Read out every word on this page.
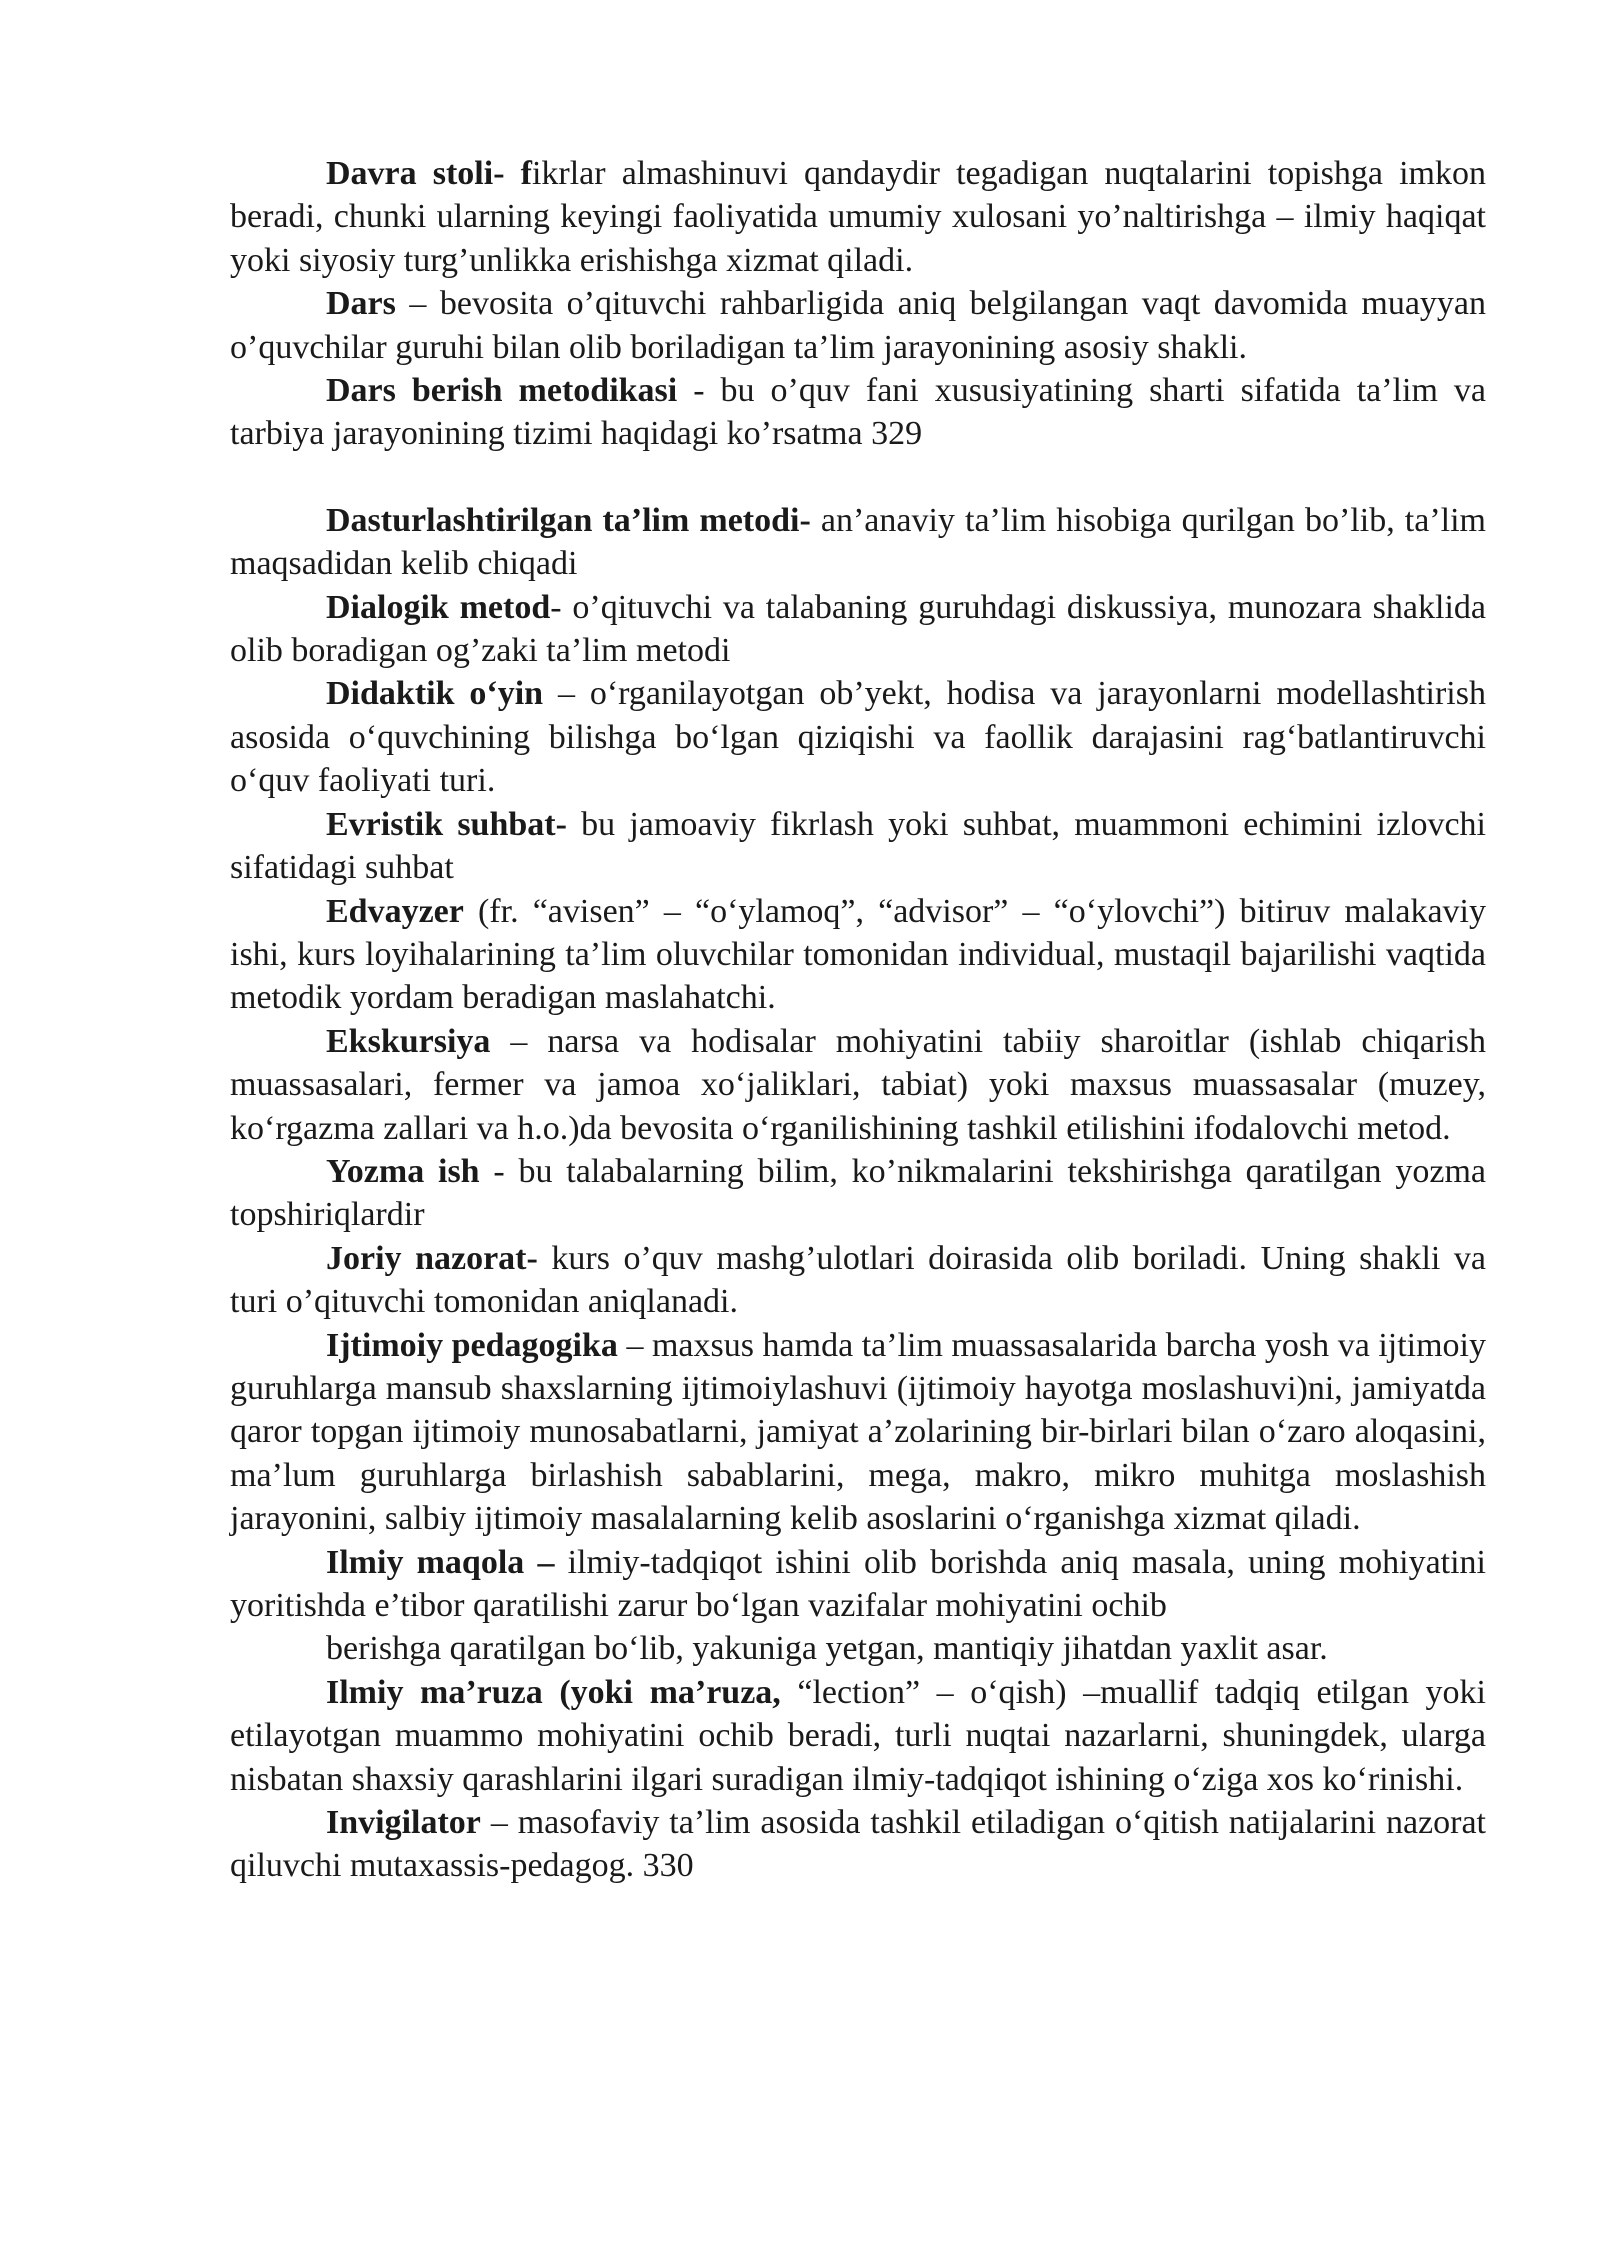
Davra stoli- fikrlar almashinuvi qandaydir tegadigan nuqtalarini topishga imkon beradi, chunki ularning keyingi faoliyatida umumiy xulosani yo’naltirishga – ilmiy haqiqat yoki siyosiy turg’unlikka erishishga xizmat qiladi.

Dars – bevosita o’qituvchi rahbarligida aniq belgilangan vaqt davomida muayyan o’quvchilar guruhi bilan olib boriladigan ta’lim jarayonining asosiy shakli.

Dars berish metodikasi - bu o’quv fani xususiyatining sharti sifatida ta’lim va tarbiya jarayonining tizimi haqidagi ko’rsatma 329

Dasturlashtirilgan ta’lim metodi- an’anaviy ta’lim hisobiga qurilgan bo’lib, ta’lim maqsadidan kelib chiqadi

Dialogik metod- o’qituvchi va talabaning guruhdagi diskussiya, munozara shaklida olib boradigan og’zaki ta’lim metodi

Didaktik o‘yin – o‘rganilayotgan ob’yekt, hodisa va jarayonlarni modellashtirish asosida o‘quvchining bilishga bo‘lgan qiziqishi va faollik darajasini rag‘batlantiruvchi o‘quv faoliyati turi.

Evristik suhbat- bu jamoaviy fikrlash yoki suhbat, muammoni echimini izlovchi sifatidagi suhbat

Edvayzer (fr. “avisen” – “o‘ylamoq”, “advisor” – “o‘ylovchi”) bitiruv malakaviy ishi, kurs loyihalarining ta’lim oluvchilar tomonidan individual, mustaqil bajarilishi vaqtida metodik yordam beradigan maslahatchi.

Ekskursiya – narsa va hodisalar mohiyatini tabiiy sharoitlar (ishlab chiqarish muassasalari, fermer va jamoa xo‘jaliklari, tabiat) yoki maxsus muassasalar (muzey, ko‘rgazma zallari va h.o.)da bevosita o‘rganilishining tashkil etilishini ifodalovchi metod.

Yozma ish - bu talabalarning bilim, ko’nikmalarini tekshirishga qaratilgan yozma topshiriqlardir

Joriy nazorat- kurs o’quv mashg’ulotlari doirasida olib boriladi. Uning shakli va turi o’qituvchi tomonidan aniqlanadi.

Ijtimoiy pedagogika – maxsus hamda ta’lim muassasalarida barcha yosh va ijtimoiy guruhlarga mansub shaxslarning ijtimoiylashuvi (ijtimoiy hayotga moslashuvi)ni, jamiyatda qaror topgan ijtimoiy munosabatlarni, jamiyat a’zolarining bir-birlari bilan o‘zaro aloqasini, ma’lum guruhlarga birlashish sabablarini, mega, makro, mikro muhitga moslashish jarayonini, salbiy ijtimoiy masalalarning kelib asoslarini o‘rganishga xizmat qiladi.

Ilmiy maqola – ilmiy-tadqiqot ishini olib borishda aniq masala, uning mohiyatini yoritishda e’tibor qaratilishi zarur bo‘lgan vazifalar mohiyatini ochib

berishga qaratilgan bo‘lib, yakuniga yetgan, mantiqiy jihatdan yaxlit asar.

Ilmiy ma’ruza (yoki ma’ruza, “lection” – o‘qish) –muallif tadqiq etilgan yoki etilayotgan muammo mohiyatini ochib beradi, turli nuqtai nazarlarni, shuningdek, ularga nisbatan shaxsiy qarashlarini ilgari suradigan ilmiy-tadqiqot ishining o‘ziga xos ko‘rinishi.

Invigilator – masofaviy ta’lim asosida tashkil etiladigan o‘qitish natijalarini nazorat qiluvchi mutaxassis-pedagog. 330
